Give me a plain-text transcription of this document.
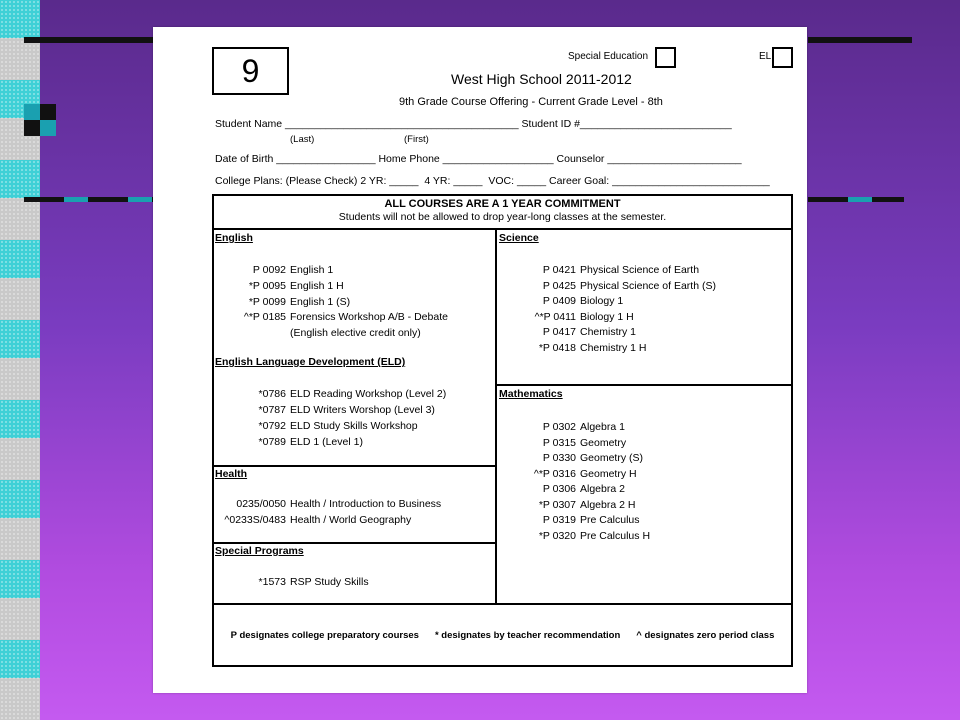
9	Special Education	EL
West High School 2011-2012
9th Grade Course Offering - Current Grade Level - 8th
Student Name ________________________________________ Student ID #__________________________
(Last)	(First)
Date of Birth _________________ Home Phone ___________________ Counselor _______________________
College Plans: (Please Check) 2 YR: _____  4 YR: _____  VOC: _____ Career Goal: ___________________________
ALL COURSES ARE A 1 YEAR COMMITMENT
Students will not be allowed to drop year-long classes at the semester.
English
P 0092 English 1
*P 0095 English 1 H
*P 0099 English 1 (S)
^*P 0185 Forensics Workshop A/B - Debate
(English elective credit only)
English Language Development (ELD)
*0786 ELD Reading Workshop (Level 2)
*0787 ELD Writers Worshop (Level 3)
*0792 ELD Study Skills Workshop
*0789 ELD 1 (Level 1)
Health
0235/0050 Health / Introduction to Business
^0233S/0483 Health / World Geography
Special Programs
*1573 RSP Study Skills
Science
P 0421 Physical Science of Earth
P 0425 Physical Science of Earth (S)
P 0409 Biology 1
^*P 0411 Biology 1 H
P 0417 Chemistry 1
*P 0418 Chemistry 1 H
Mathematics
P 0302 Algebra 1
P 0315 Geometry
P 0330 Geometry (S)
^*P 0316 Geometry H
P 0306 Algebra 2
*P 0307 Algebra 2 H
P 0319 Pre Calculus
*P 0320 Pre Calculus H
P designates college preparatory courses * designates by teacher recommendation ^ designates zero period class
